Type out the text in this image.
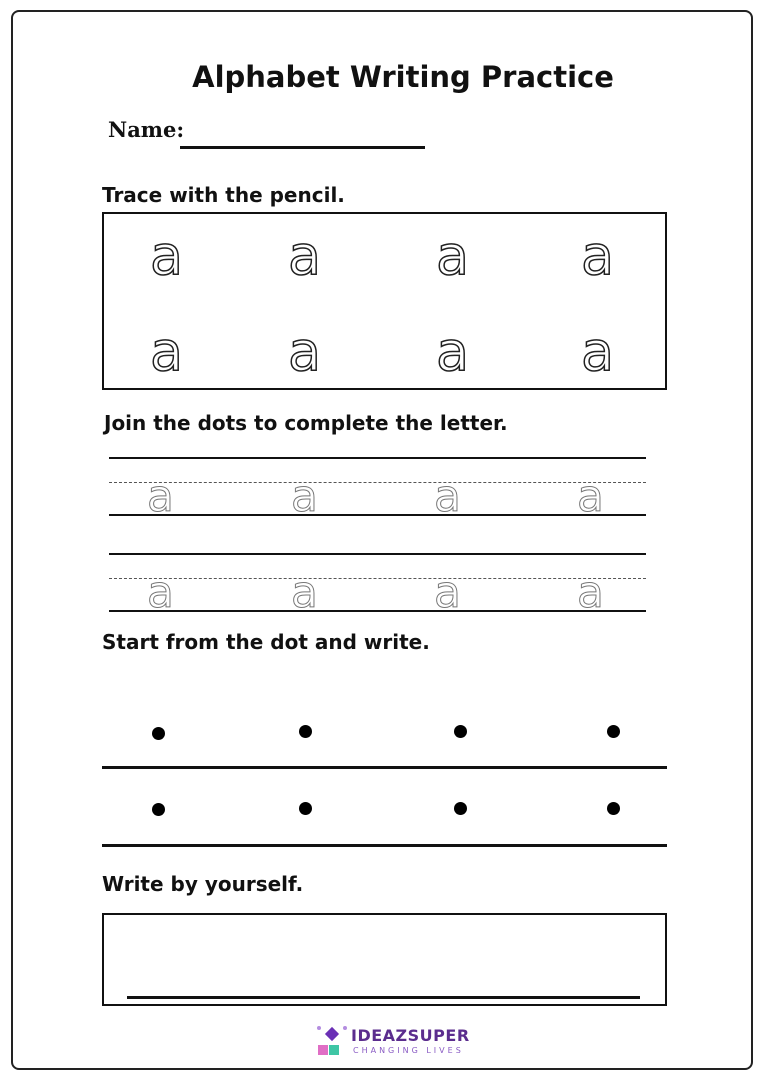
Alphabet Writing Practice
Name:
Trace with the pencil.
a a a a
a a a a
Join the dots to complete the letter.
a	a	a	a
a	a	a	a
Start from the dot and write.
Write by yourself.
IDEAZSUPER
CHANGING LIVES
